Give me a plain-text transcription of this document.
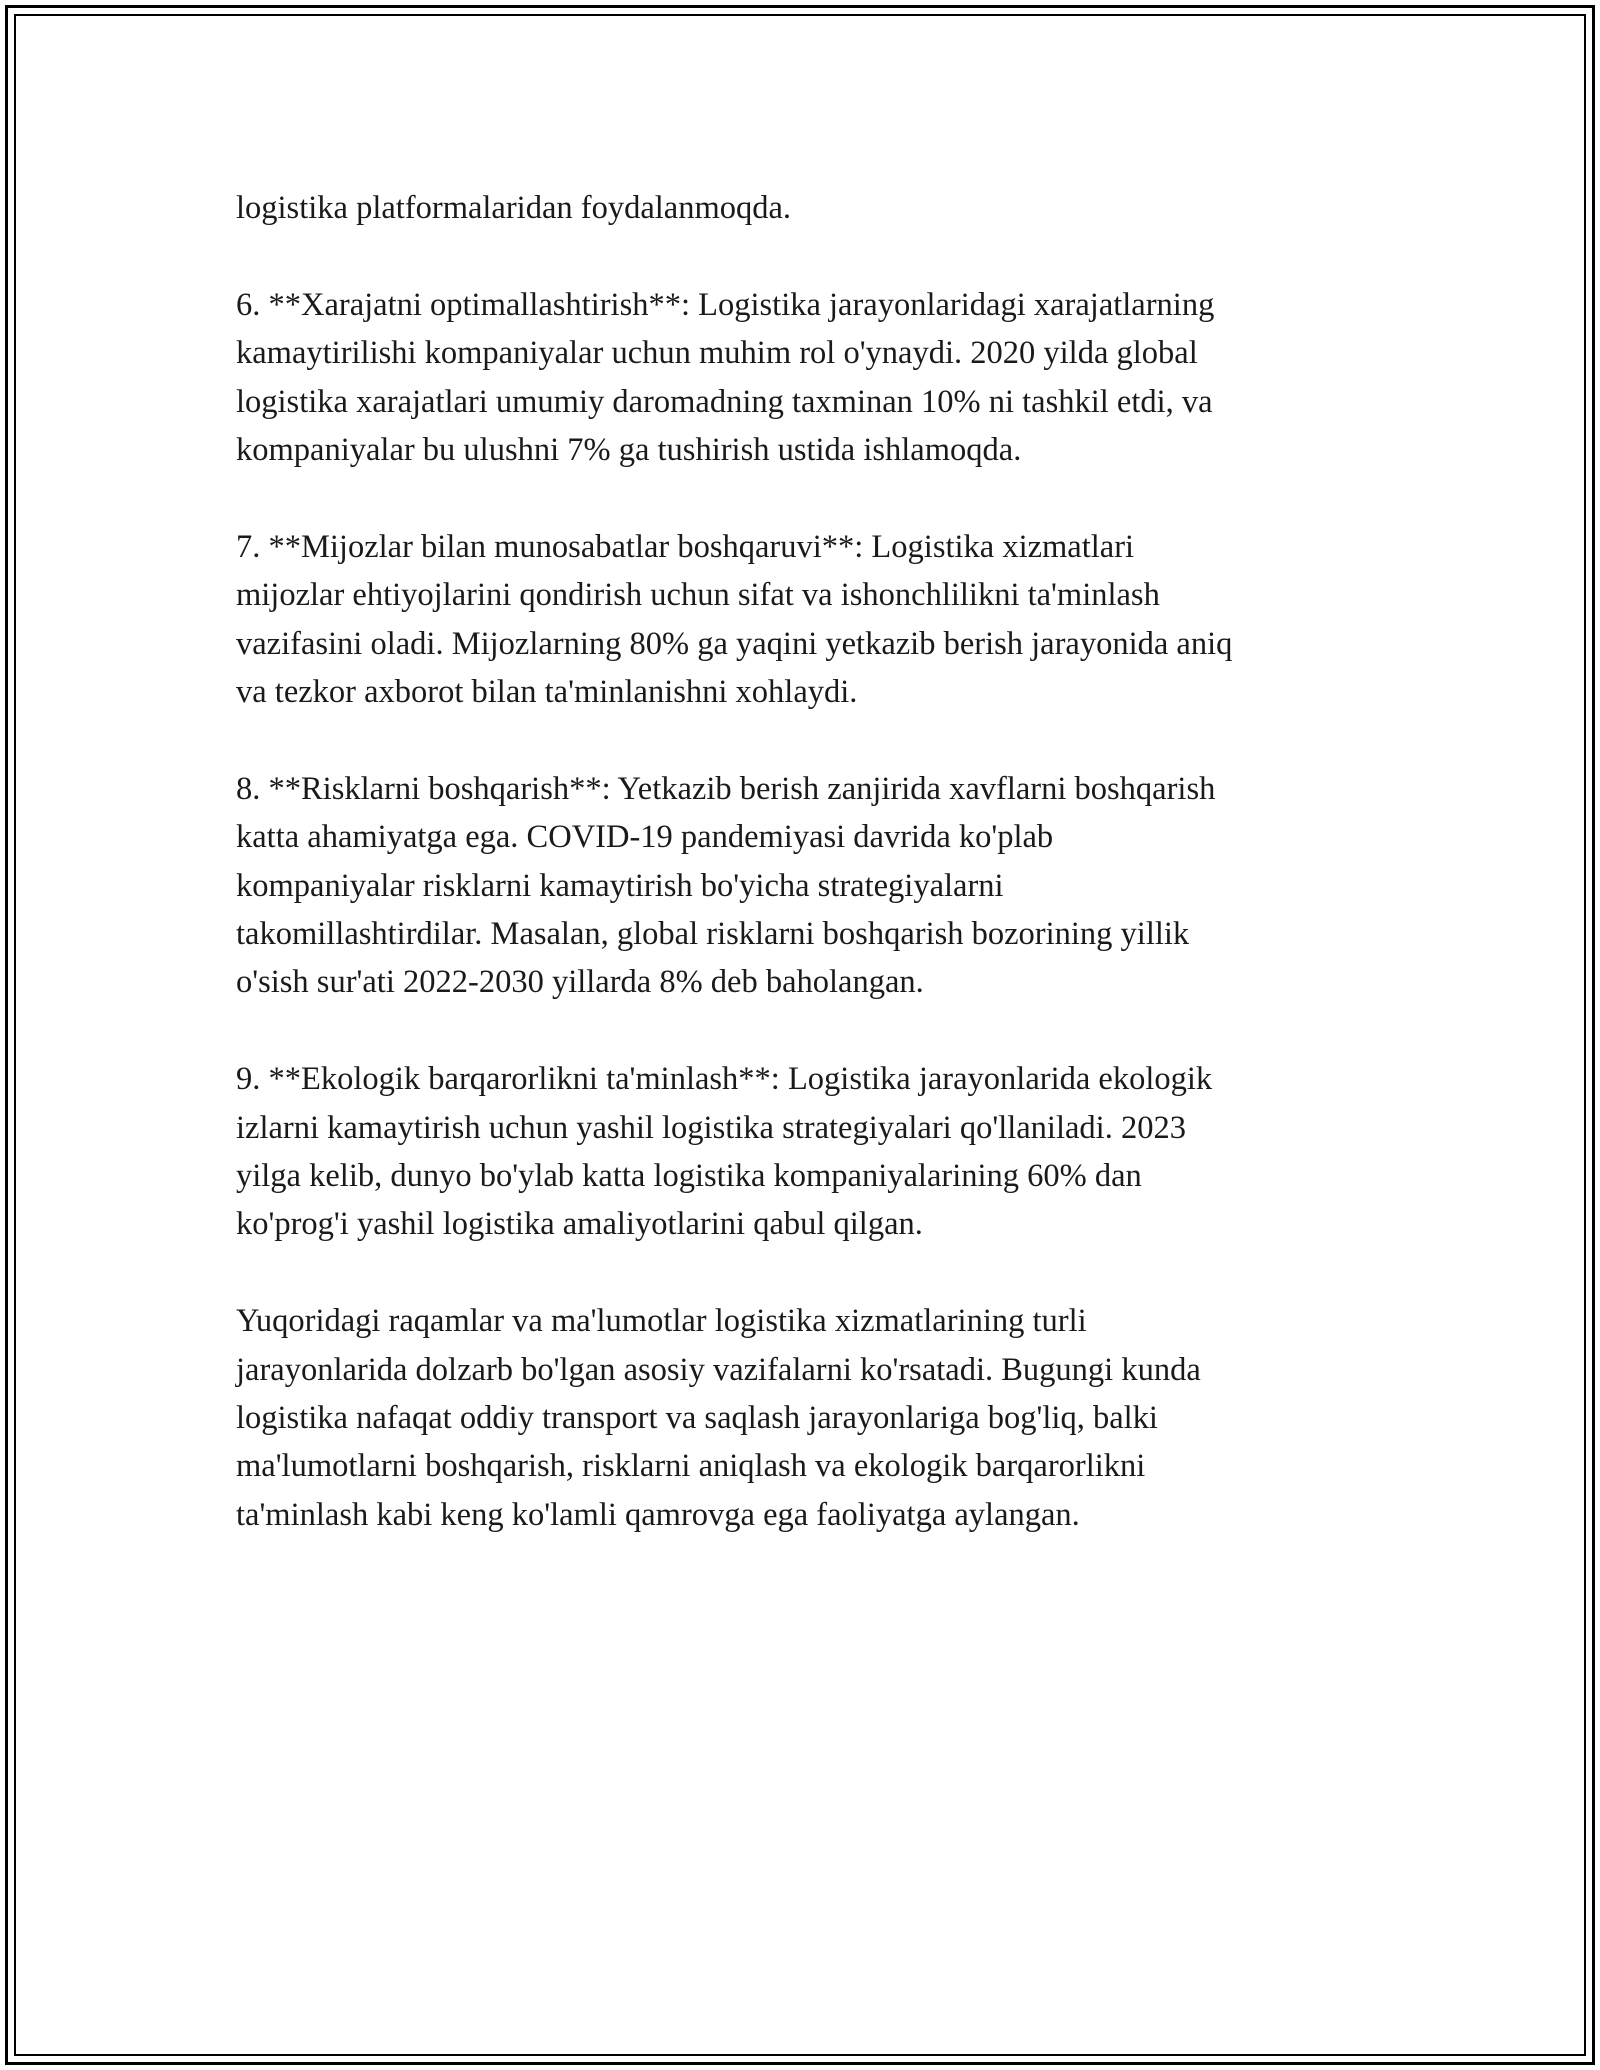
logistika platformalaridan foydalanmoqda.

6. **Xarajatni optimallashtirish**: Logistika jarayonlaridagi xarajatlarning
kamaytirilishi kompaniyalar uchun muhim rol o'ynaydi. 2020 yilda global
logistika xarajatlari umumiy daromadning taxminan 10% ni tashkil etdi, va
kompaniyalar bu ulushni 7% ga tushirish ustida ishlamoqda.

7. **Mijozlar bilan munosabatlar boshqaruvi**: Logistika xizmatlari
mijozlar ehtiyojlarini qondirish uchun sifat va ishonchlilikni ta'minlash
vazifasini oladi. Mijozlarning 80% ga yaqini yetkazib berish jarayonida aniq
va tezkor axborot bilan ta'minlanishni xohlaydi.

8. **Risklarni boshqarish**: Yetkazib berish zanjirida xavflarni boshqarish
katta ahamiyatga ega. COVID-19 pandemiyasi davrida ko'plab
kompaniyalar risklarni kamaytirish bo'yicha strategiyalarni
takomillashtirdilar. Masalan, global risklarni boshqarish bozorining yillik
o'sish sur'ati 2022-2030 yillarda 8% deb baholangan.

9. **Ekologik barqarorlikni ta'minlash**: Logistika jarayonlarida ekologik
izlarni kamaytirish uchun yashil logistika strategiyalari qo'llaniladi. 2023
yilga kelib, dunyo bo'ylab katta logistika kompaniyalarining 60% dan
ko'prog'i yashil logistika amaliyotlarini qabul qilgan.

Yuqoridagi raqamlar va ma'lumotlar logistika xizmatlarining turli
jarayonlarida dolzarb bo'lgan asosiy vazifalarni ko'rsatadi. Bugungi kunda
logistika nafaqat oddiy transport va saqlash jarayonlariga bog'liq, balki
ma'lumotlarni boshqarish, risklarni aniqlash va ekologik barqarorlikni
ta'minlash kabi keng ko'lamli qamrovga ega faoliyatga aylangan.
